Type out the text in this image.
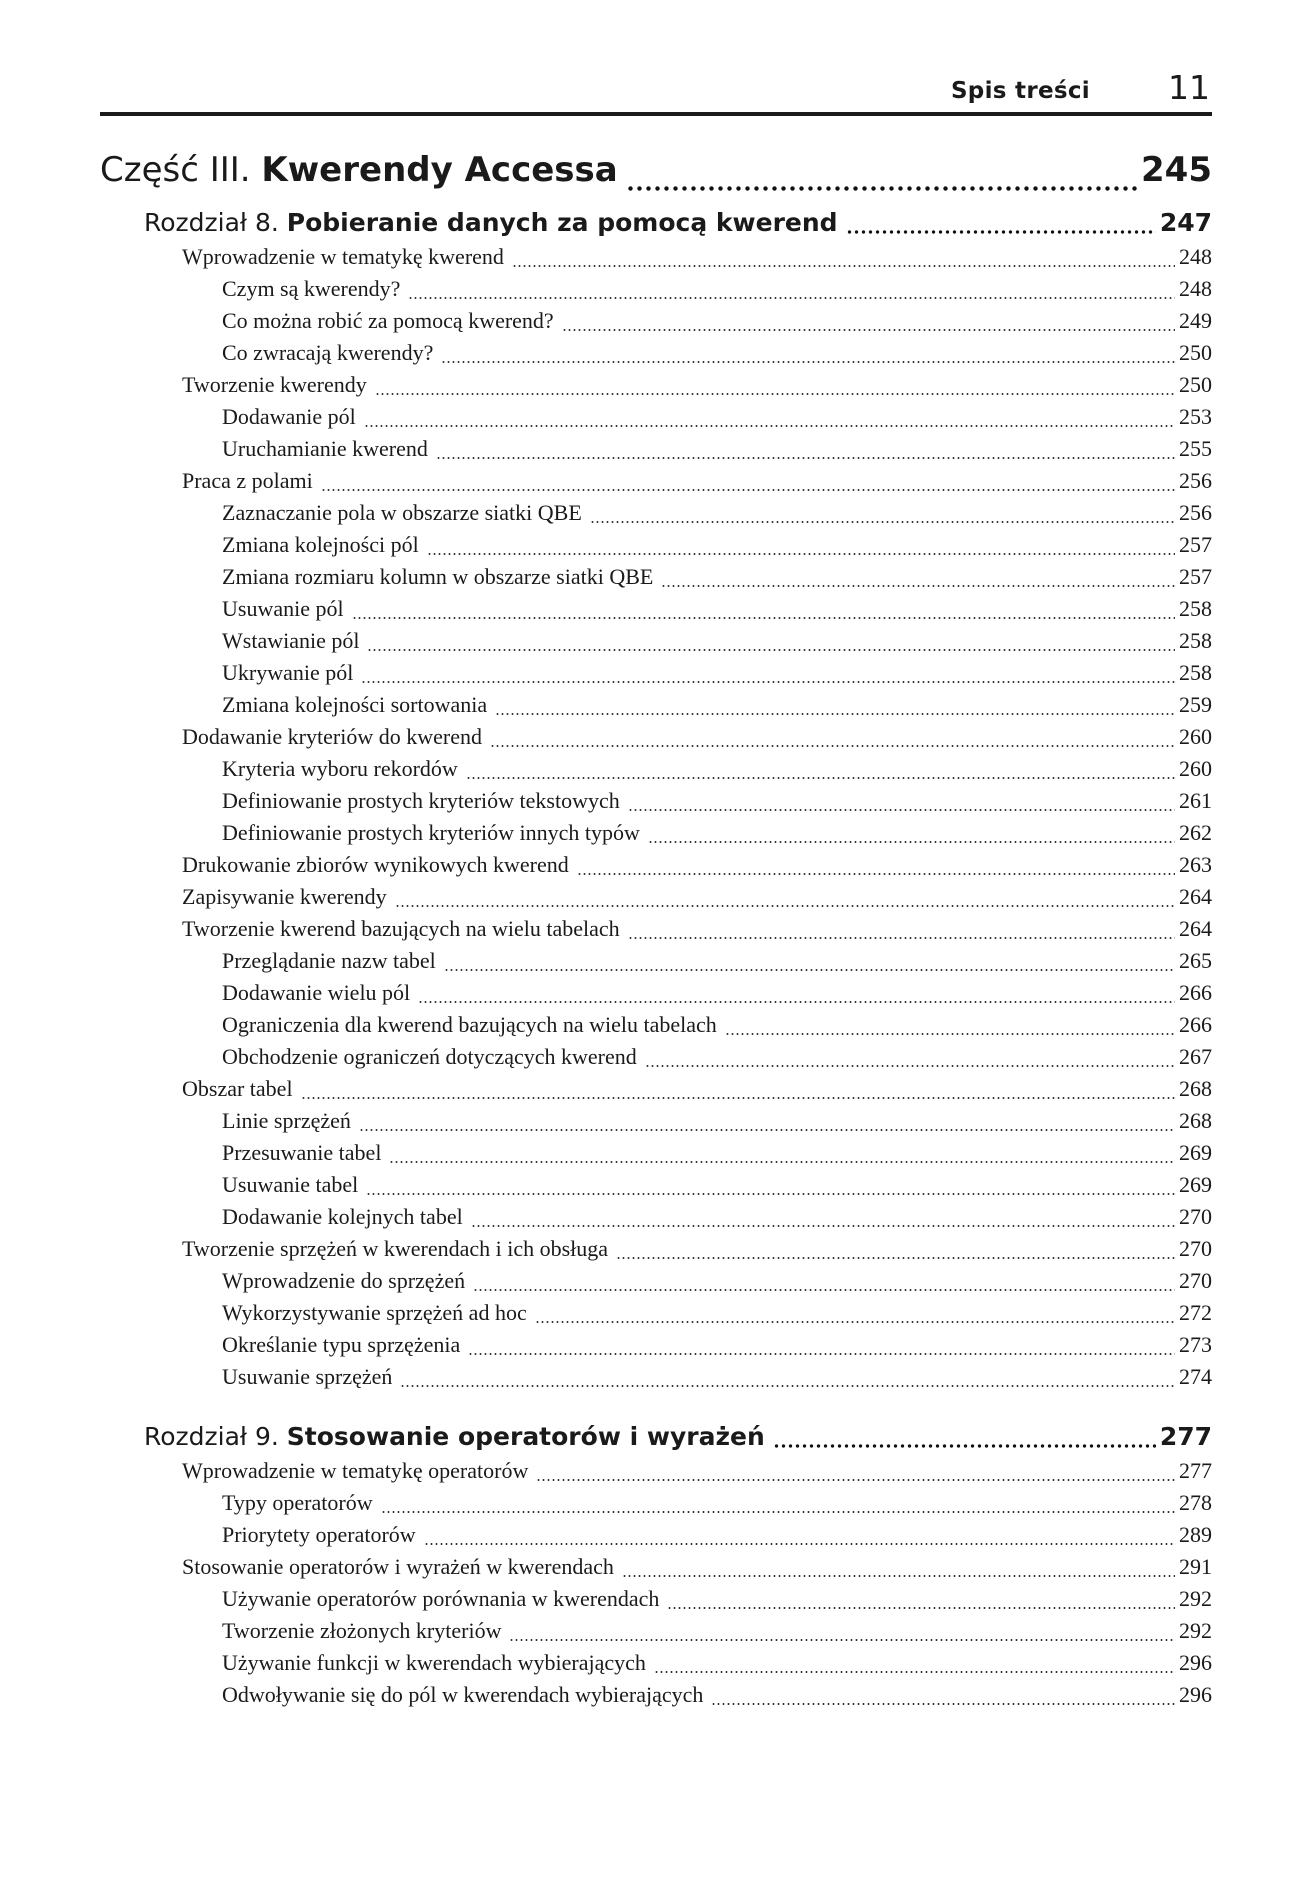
Spis treści 11
Część III. Kwerendy Accessa	245
Rozdział 8. Pobieranie danych za pomocą kwerend	247
Wprowadzenie w tematykę kwerend	248
Czym są kwerendy?	248
Co można robić za pomocą kwerend?	249
Co zwracają kwerendy?	250
Tworzenie kwerendy	250
Dodawanie pól	253
Uruchamianie kwerend	255
Praca z polami	256
Zaznaczanie pola w obszarze siatki QBE	256
Zmiana kolejności pól	257
Zmiana rozmiaru kolumn w obszarze siatki QBE	257
Usuwanie pól	258
Wstawianie pól	258
Ukrywanie pól	258
Zmiana kolejności sortowania	259
Dodawanie kryteriów do kwerend	260
Kryteria wyboru rekordów	260
Definiowanie prostych kryteriów tekstowych	261
Definiowanie prostych kryteriów innych typów	262
Drukowanie zbiorów wynikowych kwerend	263
Zapisywanie kwerendy	264
Tworzenie kwerend bazujących na wielu tabelach	264
Przeglądanie nazw tabel	265
Dodawanie wielu pól	266
Ograniczenia dla kwerend bazujących na wielu tabelach	266
Obchodzenie ograniczeń dotyczących kwerend	267
Obszar tabel	268
Linie sprzężeń	268
Przesuwanie tabel	269
Usuwanie tabel	269
Dodawanie kolejnych tabel	270
Tworzenie sprzężeń w kwerendach i ich obsługa	270
Wprowadzenie do sprzężeń	270
Wykorzystywanie sprzężeń ad hoc	272
Określanie typu sprzężenia	273
Usuwanie sprzężeń	274
Rozdział 9. Stosowanie operatorów i wyrażeń	277
Wprowadzenie w tematykę operatorów	277
Typy operatorów	278
Priorytety operatorów	289
Stosowanie operatorów i wyrażeń w kwerendach	291
Używanie operatorów porównania w kwerendach	292
Tworzenie złożonych kryteriów	292
Używanie funkcji w kwerendach wybierających	296
Odwoływanie się do pól w kwerendach wybierających	296
